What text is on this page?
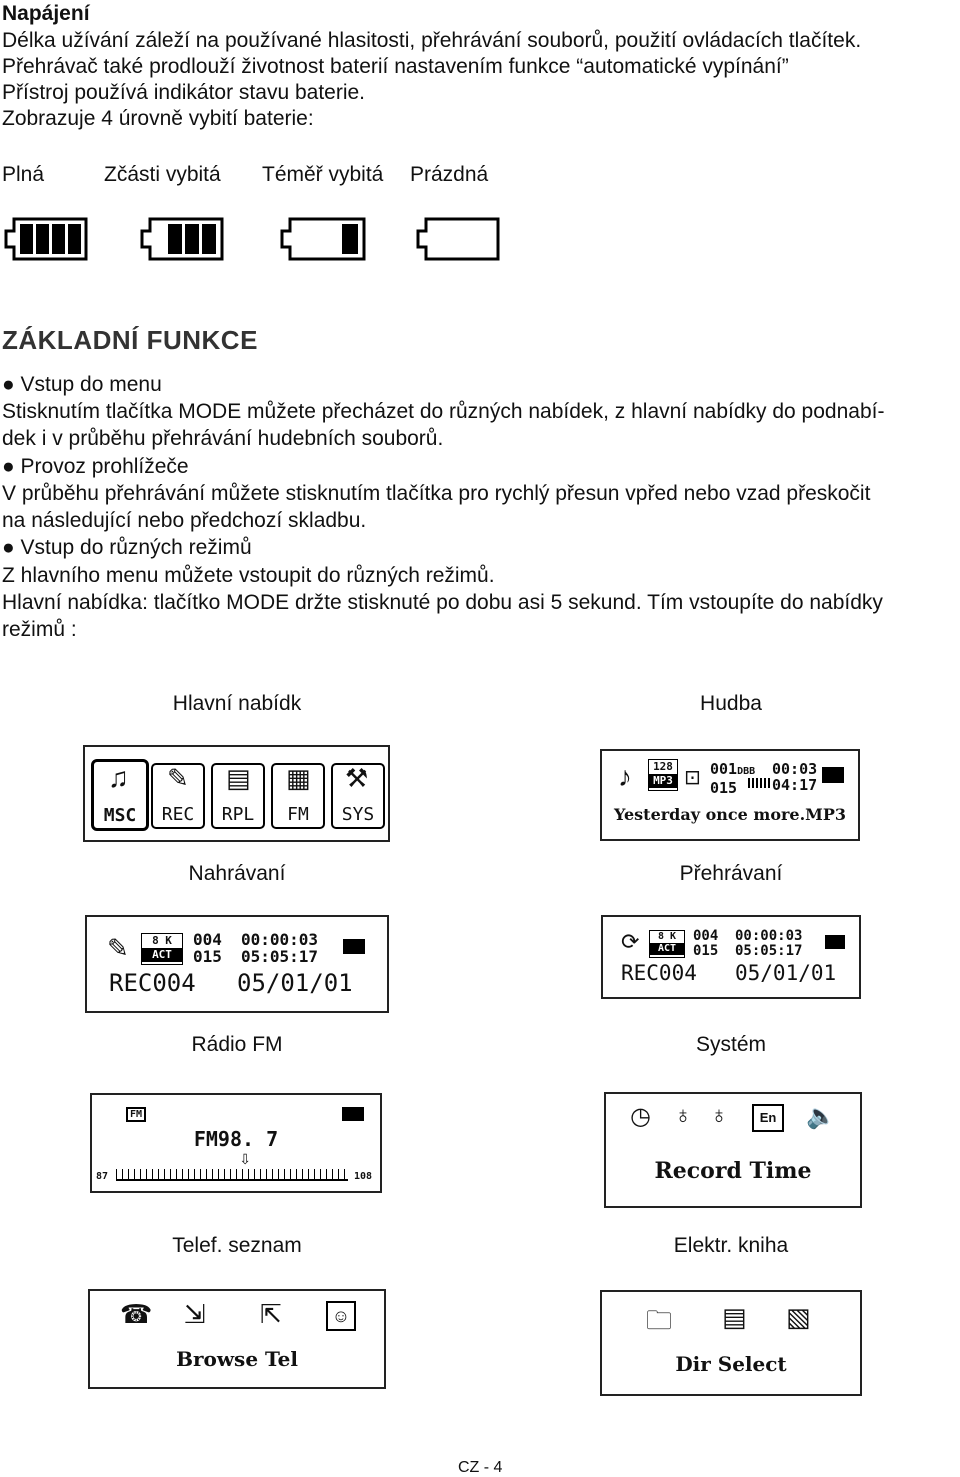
Napájení
Délka užívání záleží na používané hlasitosti, přehrávání souborů, použití ovládacích tlačítek.
Přehrávač také prodlouží životnost baterií nastavením funkce “automatické vypínání”
Přístroj používá indikátor stavu baterie.
Zobrazuje 4 úrovně vybití baterie:
Plná	Zčásti vybitá Téměř vybitá Prázdná
ZÁKLADNÍ FUNKCE
● Vstup do menu
Stisknutím tlačítka MODE můžete přecházet do různých nabídek, z hlavní nabídky do podnabí-
dek i v průběhu přehrávání hudebních souborů.
● Provoz prohlížeče
V průběhu přehrávání můžete stisknutím tlačítka pro rychlý přesun vpřed nebo vzad přeskočit
na následující nebo předchozí skladbu.
● Vstup do různých režimů
Z hlavního menu můžete vstoupit do různých režimů.
Hlavní nabídka: tlačítko MODE držte stisknuté po dobu asi 5 sekund. Tím vstoupíte do nabídky
režimů :
Hlavní nabídk	Hudba
Nahrávaní	Přehrávaní
Rádio FM	Systém
Telef. seznam	Elektr. kniha
♫
MSC
✎
REC
▤
RPL
▦
FM
⚒
SYS
♪	128
MP3 ⊡ 001DBB
015
00:03
04:17
Yesterday once more.MP3
✎	8 K
ACT
004
015
00:00:03
05:05:17
REC004 05/01/01
⟳	8 K
ACT
004
015
00:00:03
05:05:17
REC004 05/01/01
FM
FM98. 7
⇩
87	108
◷ ♁ ♁	En	🔈
Record Time
☎ ⇲ ⇱	☺
Browse Tel
🗀 ▤ ▧
Dir Select
CZ - 4
